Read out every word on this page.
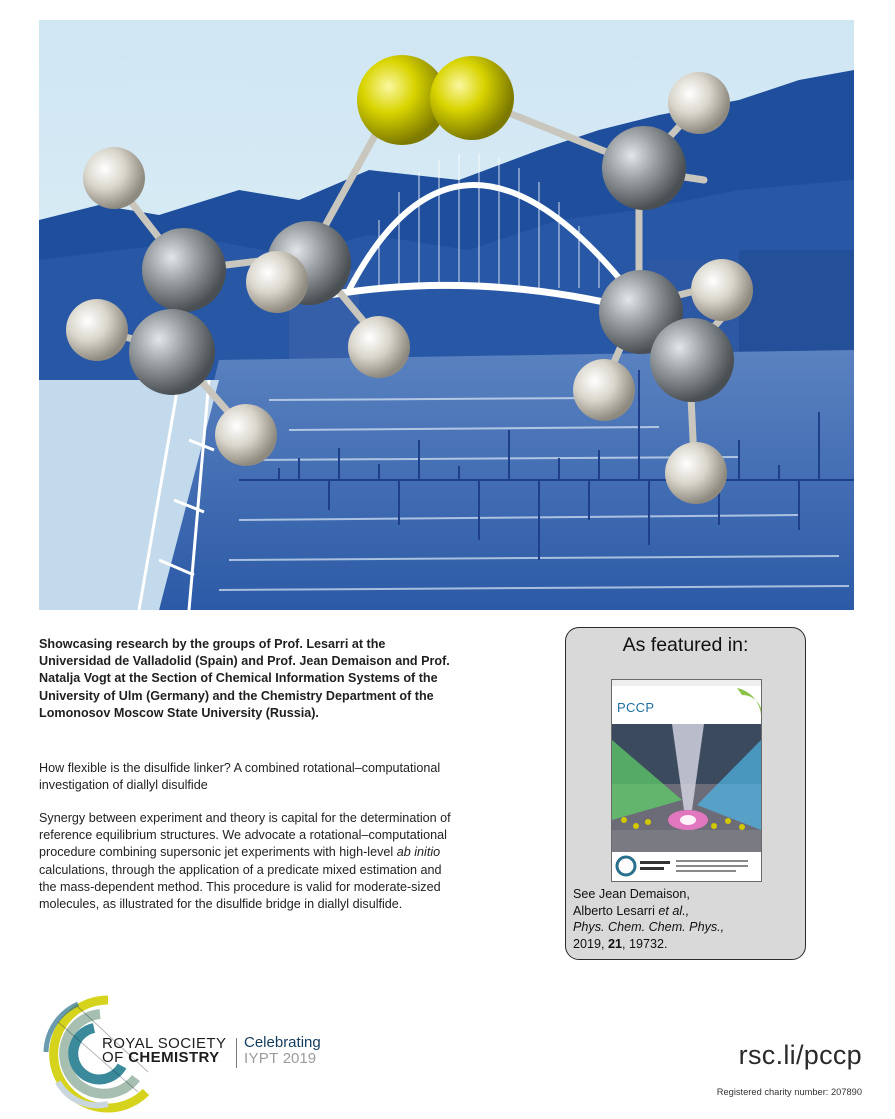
Showcasing research by the groups of Prof. Lesarri at the Universidad de Valladolid (Spain) and Prof. Jean Demaison and Prof. Natalja Vogt at the Section of Chemical Information Systems of the University of Ulm (Germany) and the Chemistry Department of the Lomonosov Moscow State University (Russia).

How flexible is the disulfide linker? A combined rotational–computational investigation of diallyl disulfide

Synergy between experiment and theory is capital for the determination of reference equilibrium structures. We advocate a rotational–computational procedure combining supersonic jet experiments with high-level ab initio calculations, through the application of a predicate mixed estimation and the mass-dependent method. This procedure is valid for moderate-sized molecules, as illustrated for the disulfide bridge in diallyl disulfide.

As featured in:
PCCP

See Jean Demaison,
Alberto Lesarri et al.,
Phys. Chem. Chem. Phys.,
2019, 21, 19732.

ROYAL SOCIETY
OF CHEMISTRY
Celebrating
IYPT 2019	rsc.li/pccp
Registered charity number: 207890
